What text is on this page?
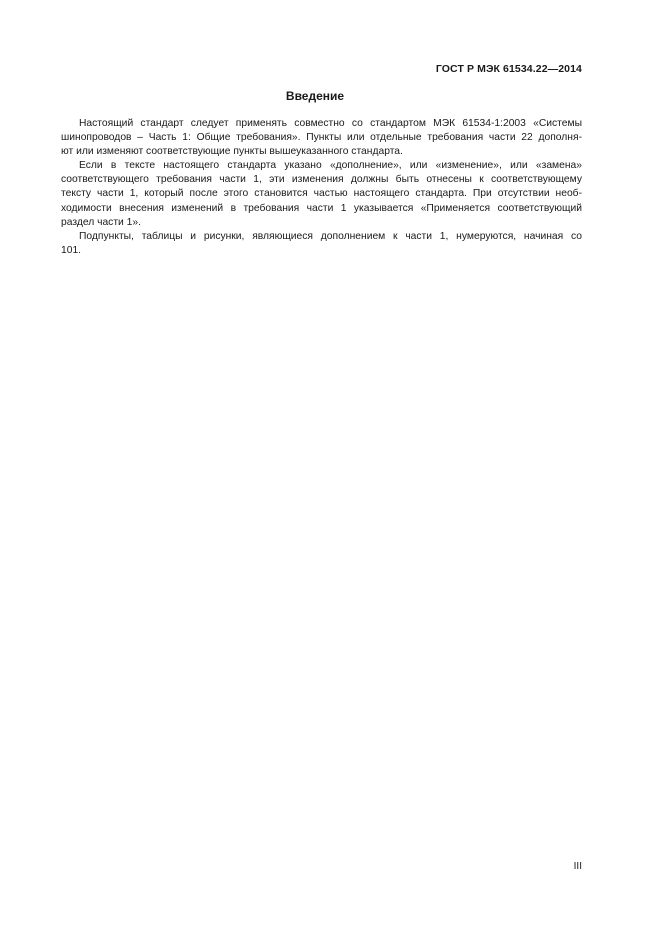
ГОСТ Р МЭК 61534.22—2014
Введение
Настоящий стандарт следует применять совместно со стандартом МЭК 61534-1:2003 «Системы
шинопроводов – Часть 1: Общие требования». Пункты или отдельные требования части 22 дополня-
ют или изменяют соответствующие пункты вышеуказанного стандарта.
Если в тексте настоящего стандарта указано «дополнение», или «изменение», или «замена»
соответствующего требования части 1, эти изменения должны быть отнесены к соответствующему
тексту части 1, который после этого становится частью настоящего стандарта. При отсутствии необ-
ходимости внесения изменений в требования части 1 указывается «Применяется соответствующий
раздел части 1».
Подпункты, таблицы и рисунки, являющиеся дополнением к части 1, нумеруются, начиная со
101.
III
